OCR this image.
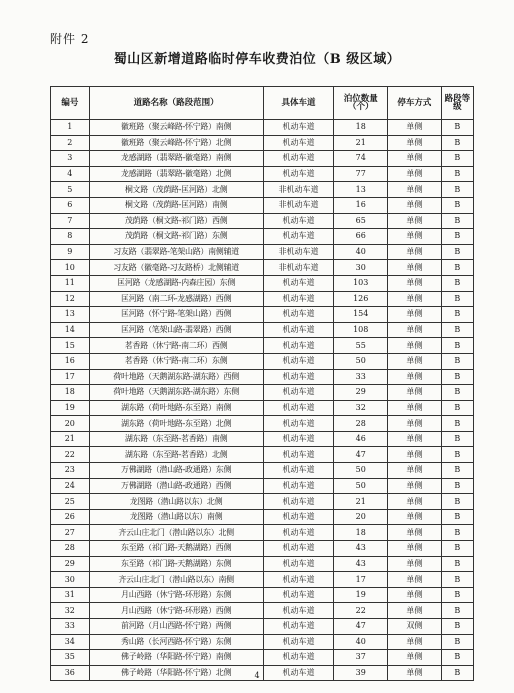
附件 2
蜀山区新增道路临时停车收费泊位（B 级区域）
编号	道路名称（路段范围）	具体车道	泊位数量（个）	停车方式	路段等级
1	徽班路（聚云峰路-怀宁路）南侧	机动车道	18	单侧	B
2	徽班路（聚云峰路-怀宁路）北侧	机动车道	21	单侧	B
3	龙感湖路（翡翠路-徽毫路）南侧	机动车道	74	单侧	B
4	龙感湖路（翡翠路-徽毫路）北侧	机动车道	77	单侧	B
5	桐文路（茂荫路-匡河路）北侧	非机动车道	13	单侧	B
6	桐文路（茂荫路-匡河路）南侧	非机动车道	16	单侧	B
7	茂荫路（桐文路-祁门路）西侧	机动车道	65	单侧	B
8	茂荫路（桐文路-祁门路）东侧	机动车道	66	单侧	B
9	习友路（翡翠路-笔架山路）南侧辅道	非机动车道	40	单侧	B
10	习友路（徽毫路-习友路桥）北侧辅道	非机动车道	30	单侧	B
11	匡河路（龙感湖路-内森庄园）东侧	机动车道	103	单侧	B
12	匡河路（南二环-龙感湖路）西侧	机动车道	126	单侧	B
13	匡河路（怀宁路-笔架山路）西侧	机动车道	154	单侧	B
14	匡河路（笔架山路-翡翠路）西侧	机动车道	108	单侧	B
15	茗香路（休宁路-南二环）西侧	机动车道	55	单侧	B
16	茗香路（休宁路-南二环）东侧	机动车道	50	单侧	B
17	荷叶地路（天鹅湖东路-湖东路）西侧	机动车道	33	单侧	B
18	荷叶地路（天鹅湖东路-湖东路）东侧	机动车道	29	单侧	B
19	湖东路（荷叶地路-东至路）南侧	机动车道	32	单侧	B
20	湖东路（荷叶地路-东至路）北侧	机动车道	28	单侧	B
21	湖东路（东至路-茗香路）南侧	机动车道	46	单侧	B
22	湖东路（东至路-茗香路）北侧	机动车道	47	单侧	B
23	万佛湖路（潜山路-政通路）东侧	机动车道	50	单侧	B
24	万佛湖路（潜山路-政通路）西侧	机动车道	50	单侧	B
25	龙图路（潜山路以东）北侧	机动车道	21	单侧	B
26	龙图路（潜山路以东）南侧	机动车道	20	单侧	B
27	齐云山庄北门（潜山路以东）北侧	机动车道	18	单侧	B
28	东至路（祁门路-天鹅湖路）西侧	机动车道	43	单侧	B
29	东至路（祁门路-天鹅湖路）东侧	机动车道	43	单侧	B
30	齐云山庄北门（潜山路以东）南侧	机动车道	17	单侧	B
31	月山西路（休宁路-环形路）东侧	机动车道	19	单侧	B
32	月山西路（休宁路-环形路）西侧	机动车道	22	单侧	B
33	前河路（月山西路-怀宁路）两侧	机动车道	47	双侧	B
34	秀山路（长河西路-怀宁路）东侧	机动车道	40	单侧	B
35	佛子岭路（华阳路-怀宁路）南侧	机动车道	37	单侧	B
36	佛子岭路（华阳路-怀宁路）北侧	机动车道	39	单侧	B
4
